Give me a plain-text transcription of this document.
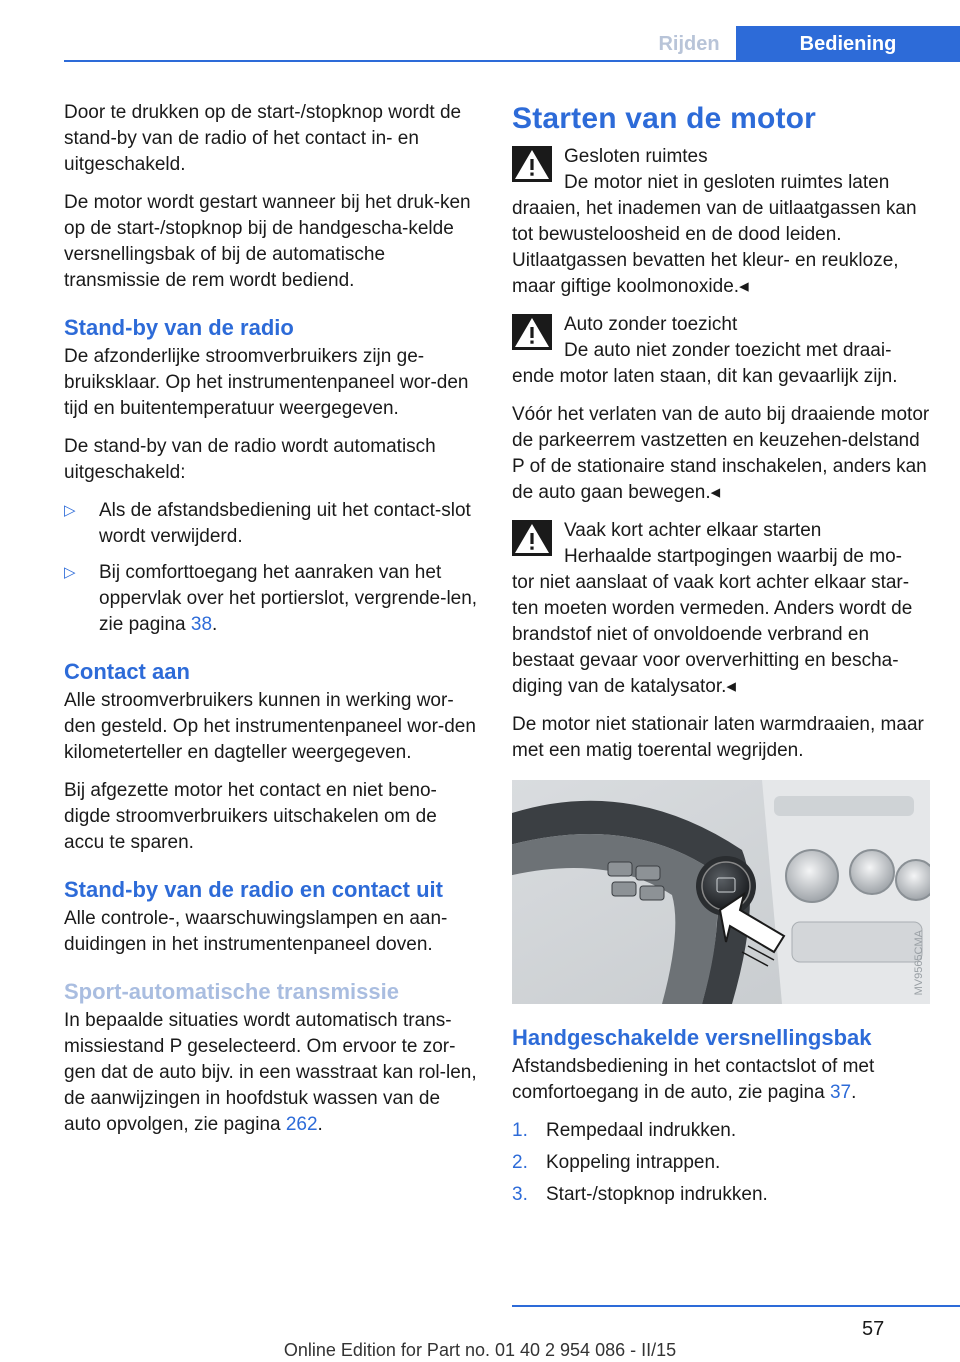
Rijden	Bediening

Door te drukken op de start-/stopknop wordt de stand-by van de radio of het contact in- en uitgeschakeld.

De motor wordt gestart wanneer bij het druk-ken op de start-/stopknop bij de handgescha-kelde versnellingsbak of bij de automatische transmissie de rem wordt bediend.

Stand-by van de radio

De afzonderlijke stroomverbruikers zijn ge-bruiksklaar. Op het instrumentenpaneel wor-den tijd en buitentemperatuur weergegeven.

De stand-by van de radio wordt automatisch uitgeschakeld:

▷ Als de afstandsbediening uit het contact-slot wordt verwijderd.
▷ Bij comforttoegang het aanraken van het oppervlak over het portierslot, vergrende-len, zie pagina 38.
Contact aan

Alle stroomverbruikers kunnen in werking wor-den gesteld. Op het instrumentenpaneel wor-den kilometerteller en dagteller weergegeven.

Bij afgezette motor het contact en niet beno-digde stroomverbruikers uitschakelen om de accu te sparen.

Stand-by van de radio en contact uit

Alle controle-, waarschuwingslampen en aan-duidingen in het instrumentenpaneel doven.

Sport-automatische transmissie

In bepaalde situaties wordt automatisch trans-missiestand P geselecteerd. Om ervoor te zor-gen dat de auto bijv. in een wasstraat kan rol-len, de aanwijzingen in hoofdstuk wassen van de auto opvolgen, zie pagina 262.

Starten van de motor
Gesloten ruimtes
De motor niet in gesloten ruimtes laten
draaien, het inademen van de uitlaatgassen kan tot bewusteloosheid en de dood leiden. Uitlaatgassen bevatten het kleur- en reukloze, maar giftige koolmonoxide.◂
Auto zonder toezicht
De auto niet zonder toezicht met draai-
ende motor laten staan, dit kan gevaarlijk zijn.
Vóór het verlaten van de auto bij draaiende motor de parkeerrem vastzetten en keuzehen-delstand P of de stationaire stand inschakelen, anders kan de auto gaan bewegen.◂
Vaak kort achter elkaar starten
Herhaalde startpogingen waarbij de mo-
tor niet aanslaat of vaak kort achter elkaar star-ten moeten worden vermeden. Anders wordt de brandstof niet of onvoldoende verbrand en bestaat gevaar voor oververhitting en bescha-diging van de katalysator.◂

De motor niet stationair laten warmdraaien, maar met een matig toerental wegrijden.

MV9565CMA
Handgeschakelde versnellingsbak

Afstandsbediening in het contactslot of met comfortoegang in de auto, zie pagina 37.

1. Rempedaal indrukken.
2. Koppeling intrappen.
3. Start-/stopknop indrukken.
57
Online Edition for Part no. 01 40 2 954 086 - II/15
